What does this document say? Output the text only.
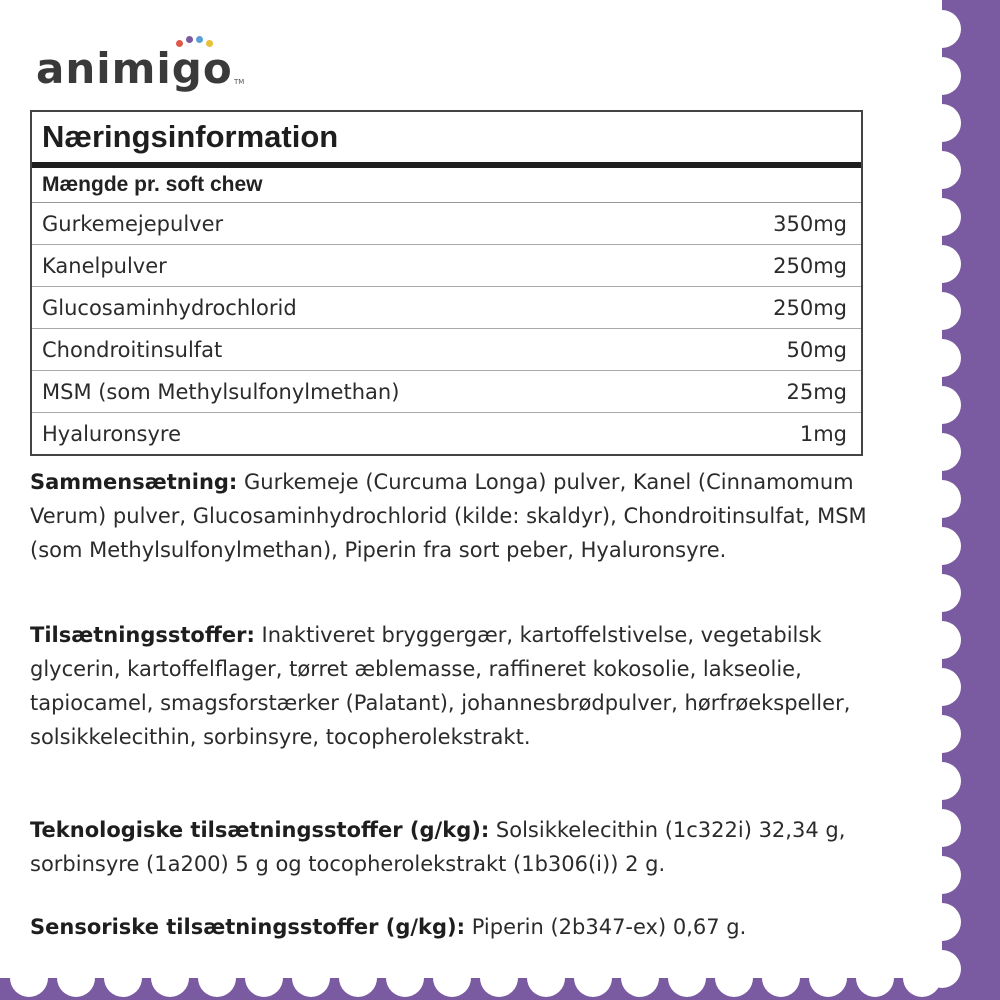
animigo TM
Næringsinformation
Mængde pr. soft chew
Gurkemejepulver	350mg
Kanelpulver	250mg
Glucosaminhydrochlorid	250mg
Chondroitinsulfat	50mg
MSM (som Methylsulfonylmethan)	25mg
Hyaluronsyre	1mg

Sammensætning: Gurkemeje (Curcuma Longa) pulver, Kanel (Cinnamomum Verum) pulver, Glucosaminhydrochlorid (kilde: skaldyr), Chondroitinsulfat, MSM (som Methylsulfonylmethan), Piperin fra sort peber, Hyaluronsyre.

Tilsætningsstoffer: Inaktiveret bryggergær, kartoffelstivelse, vegetabilsk glycerin, kartoffelflager, tørret æblemasse, raffineret kokosolie, lakseolie, tapiocamel, smagsforstærker (Palatant), johannesbrødpulver, hørfrøekspeller, solsikkelecithin, sorbinsyre, tocopherolekstrakt.

Teknologiske tilsætningsstoffer (g/kg): Solsikkelecithin (1c322i) 32,34 g, sorbinsyre (1a200) 5 g og tocopherolekstrakt (1b306(i)) 2 g.

Sensoriske tilsætningsstoffer (g/kg): Piperin (2b347-ex) 0,67 g.
